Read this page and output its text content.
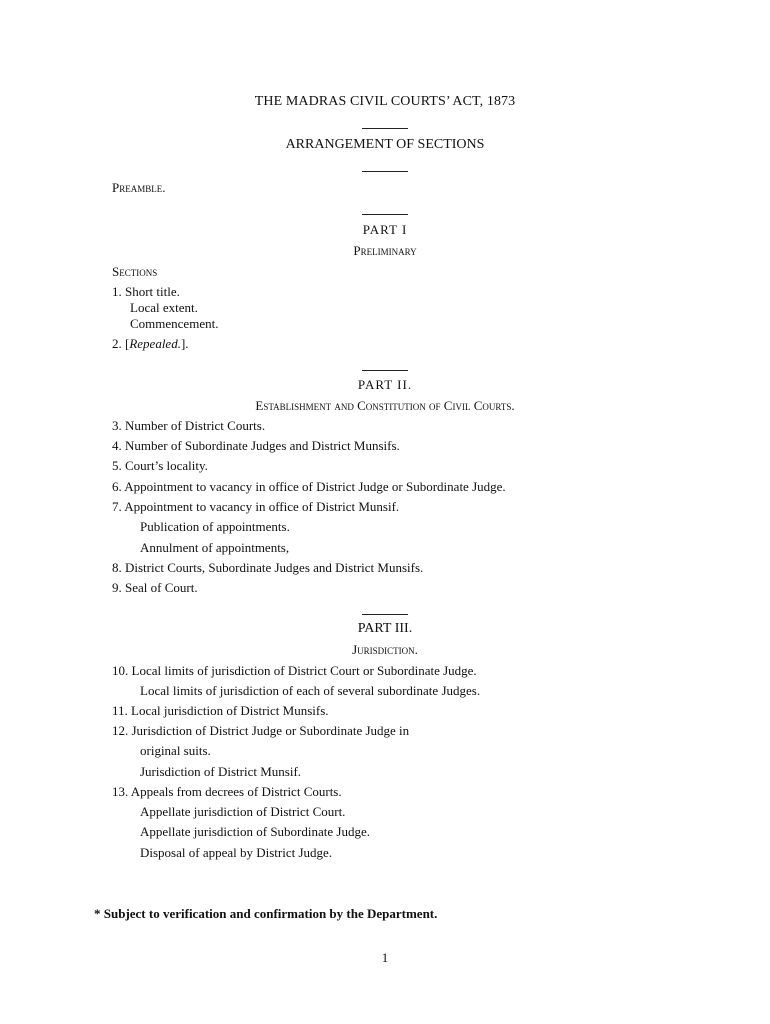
THE MADRAS CIVIL COURTS’ ACT, 1873
ARRANGEMENT OF SECTIONS
Preamble.
PART I
Preliminary
Sections
1. Short title.
Local extent.
Commencement.
2. [Repealed.].
PART II.
Establishment and Constitution of Civil Courts.
3. Number of District Courts.
4. Number of Subordinate Judges and District Munsifs.
5. Court’s locality.
6. Appointment to vacancy in office of District Judge or Subordinate Judge.
7. Appointment to vacancy in office of District Munsif.
Publication of appointments.
Annulment of appointments,
8. District Courts, Subordinate Judges and District Munsifs.
9. Seal of Court.
PART III.
Jurisdiction.
10. Local limits of jurisdiction of District Court or Subordinate Judge.
Local limits of jurisdiction of each of several subordinate Judges.
11. Local jurisdiction of District Munsifs.
12. Jurisdiction of District Judge or Subordinate Judge in
original suits.
Jurisdiction of District Munsif.
13. Appeals from decrees of District Courts.
Appellate jurisdiction of District Court.
Appellate jurisdiction of Subordinate Judge.
Disposal of appeal by District Judge.
* Subject to verification and confirmation by the Department.
1
